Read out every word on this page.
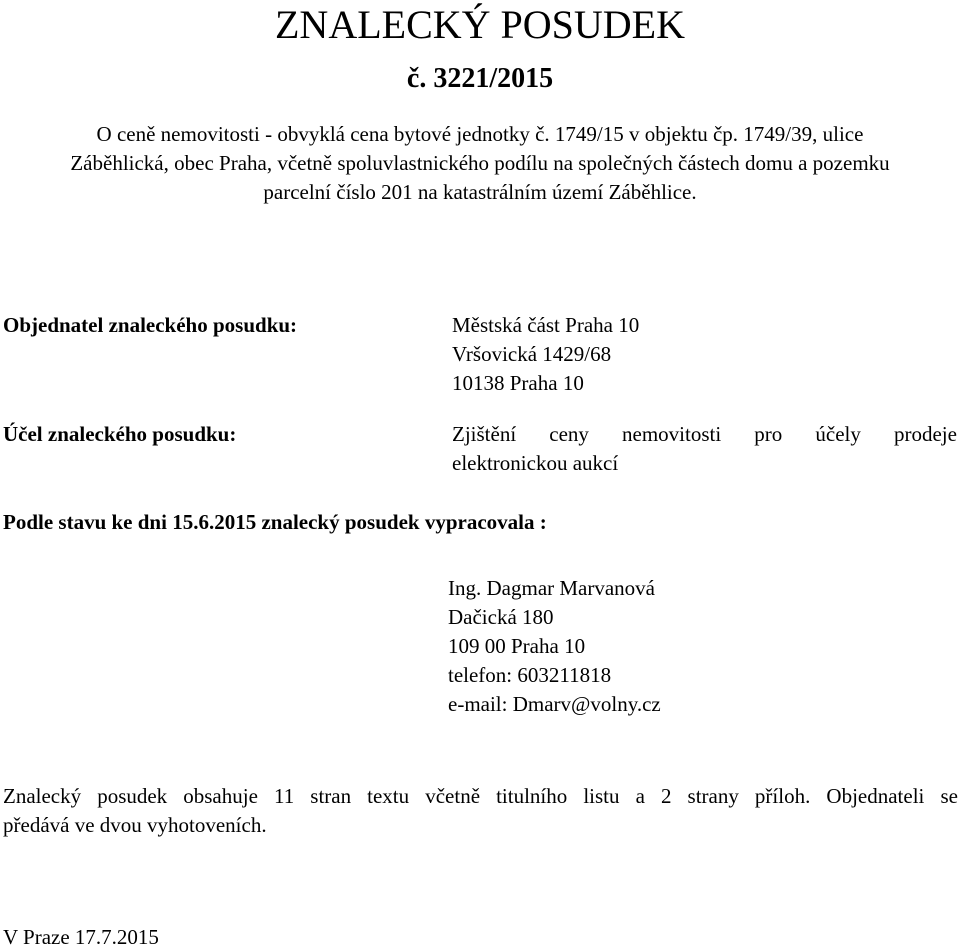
ZNALECKÝ POSUDEK
č. 3221/2015
O ceně nemovitosti - obvyklá cena bytové jednotky č. 1749/15 v objektu čp. 1749/39, ulice
Záběhlická, obec Praha, včetně spoluvlastnického podílu na společných částech domu a pozemku
parcelní číslo 201 na katastrálním území Záběhlice.
Objednatel znaleckého posudku:	Městská část Praha 10
Vršovická 1429/68
10138 Praha 10
Účel znaleckého posudku:	Zjištění ceny nemovitosti pro účely prodeje
elektronickou aukcí
Podle stavu ke dni 15.6.2015 znalecký posudek vypracovala :
Ing. Dagmar Marvanová
Dačická 180
109 00 Praha 10
telefon: 603211818
e-mail: Dmarv@volny.cz
Znalecký posudek obsahuje 11 stran textu včetně titulního listu a 2 strany příloh. Objednateli se
předává ve dvou vyhotoveních.
V Praze 17.7.2015
